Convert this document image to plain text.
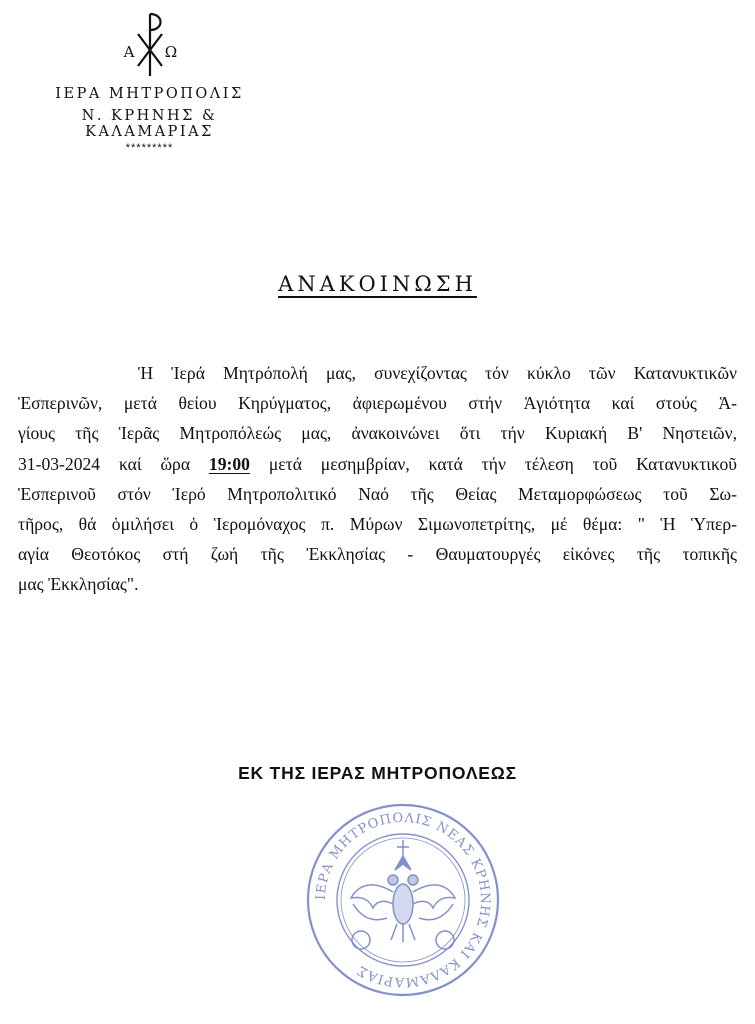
Α Ω
ΙΕΡΑ ΜΗΤΡΟΠΟΛΙΣ
Ν. ΚΡΗΝΗΣ & ΚΑΛΑΜΑΡΙΑΣ
*********
ΑΝΑΚΟΙΝΩΣΗ
Ἡ Ἱερά Μητρόπολή μας, συνεχίζοντας τόν κύκλο τῶν Κατανυκτικῶν
Ἑσπερινῶν, μετά θείου Κηρύγματος, ἀφιερωμένου στήν Ἁγιότητα καί στούς Ἁ-
γίους τῆς Ἱερᾶς Μητροπόλεώς μας, ἀνακοινώνει ὅτι τήν Κυριακή Β' Νηστειῶν,
31-03-2024 καί ὥρα 19:00 μετά μεσημβρίαν, κατά τήν τέλεση τοῦ Κατανυκτικοῦ
Ἑσπερινοῦ στόν Ἱερό Μητροπολιτικό Ναό τῆς Θείας Μεταμορφώσεως τοῦ Σω-
τῆρος, θά ὁμιλήσει ὁ Ἱερομόναχος π. Μύρων Σιμωνοπετρίτης, μέ θέμα: " Ἡ Ὑπερ-
αγία Θεοτόκος στή ζωή τῆς Ἐκκλησίας - Θαυματουργές εἰκόνες τῆς τοπικῆς
μας Ἐκκλησίας".
ΕΚ ΤΗΣ ΙΕΡΑΣ ΜΗΤΡΟΠΟΛΕΩΣ
ΙΕΡΑ ΜΗΤΡΟΠΟΛΙΣ ΝΕΑΣ ΚΡΗΝΗΣ ΚΑΙ ΚΑΛΑΜΑΡΙΑΣ
